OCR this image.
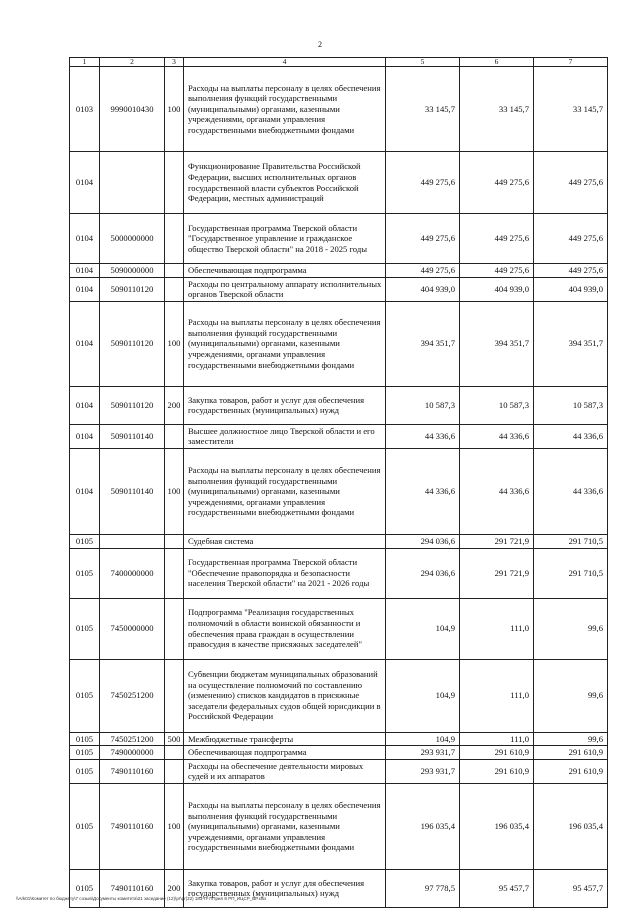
2
1	2	3	4	5	6	7
0103	9990010430	100	Расходы на выплаты персоналу в целях обеспечения выполнения функций государственными (муниципальными) органами, казенными учреждениями, органами управления государственными внебюджетными фондами	33 145,7	33 145,7	33 145,7
0104			Функционирование Правительства Российской Федерации, высших исполнительных органов государственной власти субъектов Российской Федерации, местных администраций	449 275,6	449 275,6	449 275,6
0104	5000000000		Государственная программа Тверской области "Государственное управление и гражданское общество Тверской области" на 2018 - 2025 годы	449 275,6	449 275,6	449 275,6
0104	5090000000		Обеспечивающая подпрограмма	449 275,6	449 275,6	449 275,6
0104	5090110120		Расходы по центральному аппарату исполнительных органов Тверской области	404 939,0	404 939,0	404 939,0
0104	5090110120	100	Расходы на выплаты персоналу в целях обеспечения выполнения функций государственными (муниципальными) органами, казенными учреждениями, органами управления государственными внебюджетными фондами	394 351,7	394 351,7	394 351,7
0104	5090110120	200	Закупка товаров, работ и услуг для обеспечения государственных (муниципальных) нужд	10 587,3	10 587,3	10 587,3
0104	5090110140		Высшее должностное лицо Тверской области и его заместители	44 336,6	44 336,6	44 336,6
0104	5090110140	100	Расходы на выплаты персоналу в целях обеспечения выполнения функций государственными (муниципальными) органами, казенными учреждениями, органами управления государственными внебюджетными фондами	44 336,6	44 336,6	44 336,6
0105			Судебная система	294 036,6	291 721,9	291 710,5
0105	7400000000		Государственная программа Тверской области "Обеспечение правопорядка и безопасности населения Тверской области" на 2021 - 2026 годы	294 036,6	291 721,9	291 710,5
0105	7450000000		Подпрограмма "Реализация государственных полномочий в области воинской обязанности и обеспечения права граждан в осуществлении правосудия в качестве присяжных заседателей"	104,9	111,0	99,6
0105	7450251200		Субвенции бюджетам муниципальных образований на осуществление полномочий по составлению (изменению) списков кандидатов в присяжные заседатели федеральных судов общей юрисдикции в Российской Федерации	104,9	111,0	99,6
0105	7450251200	500	Межбюджетные трансферты	104,9	111,0	99,6
0105	7490000000		Обеспечивающая подпрограмма	293 931,7	291 610,9	291 610,9
0105	7490110160		Расходы на обеспечение деятельности мировых судей и их аппаратов	293 931,7	291 610,9	291 610,9
0105	7490110160	100	Расходы на выплаты персоналу в целях обеспечения выполнения функций государственными (муниципальными) органами, казенными учреждениями, органами управления государственными внебюджетными фондами	196 035,4	196 035,4	196 035,4
0105	7490110160	200	Закупка товаров, работ и услуг для обеспечения государственных (муниципальных) нужд	97 778,5	95 457,7	95 457,7
\\Ark01\Комитет по бюджету\7 созыв\Документы комитета\21 заседание (12)\pr\pr(22) 183-П-7\Прил 8 РП_ИЦСР_ВР.xlsx
